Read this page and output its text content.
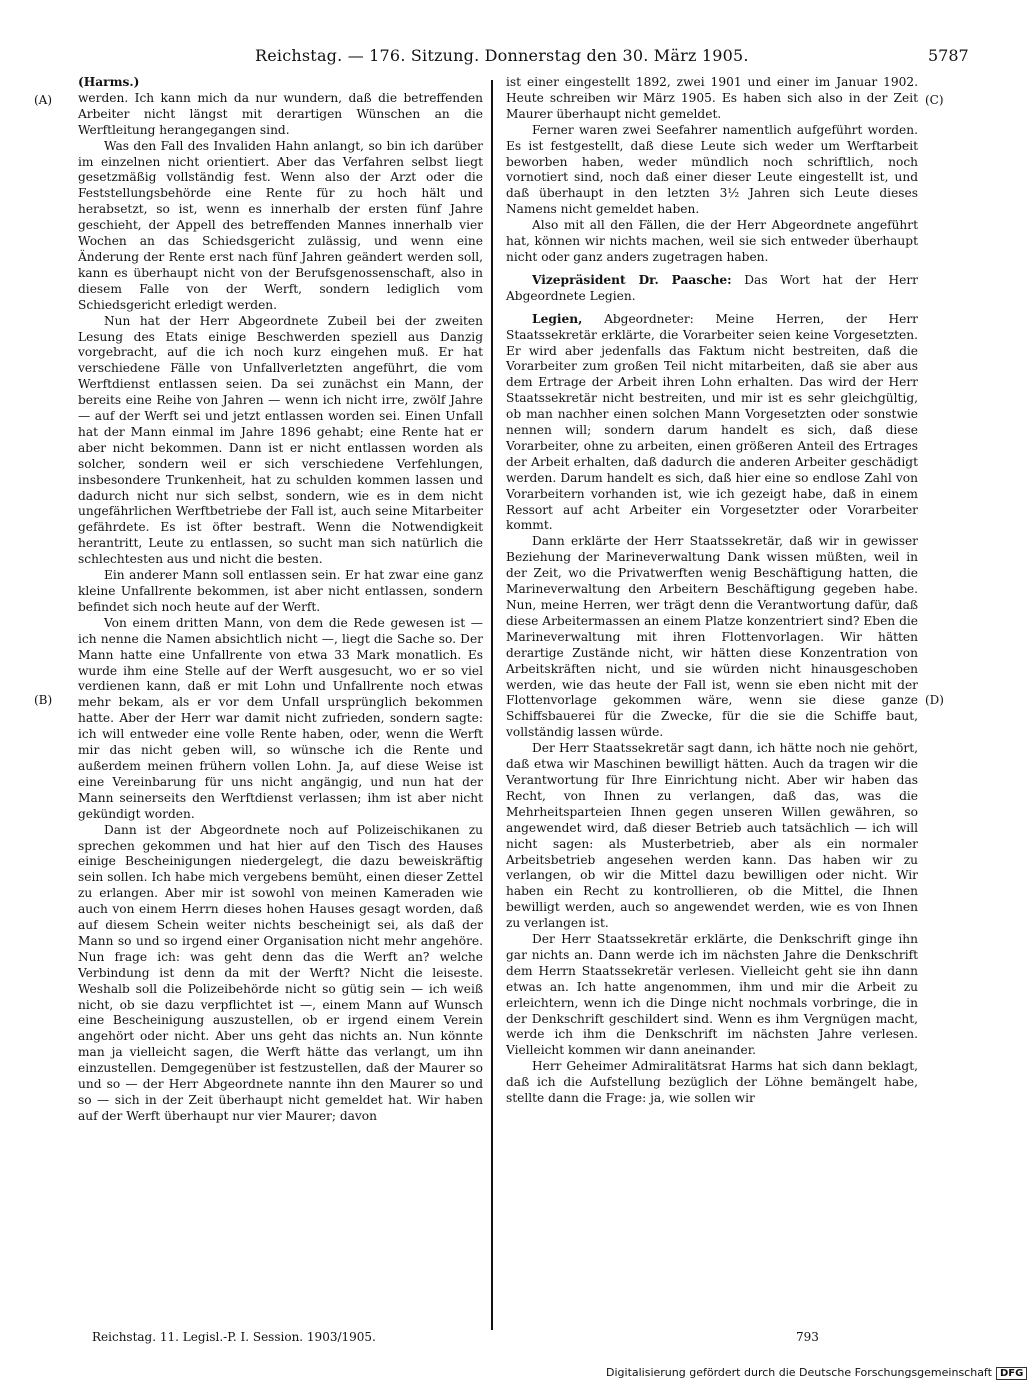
Reichstag. — 176. Sitzung. Donnerstag den 30. März 1905.	5787
(A)
(B)
(C)
(D)

(Harms.)

werden. Ich kann mich da nur wundern, daß die betreffenden Arbeiter nicht längst mit derartigen Wünschen an die Werftleitung herangegangen sind.

Was den Fall des Invaliden Hahn anlangt, so bin ich darüber im einzelnen nicht orientiert. Aber das Verfahren selbst liegt gesetzmäßig vollständig fest. Wenn also der Arzt oder die Feststellungsbehörde eine Rente für zu hoch hält und herabsetzt, so ist, wenn es innerhalb der ersten fünf Jahre geschieht, der Appell des betreffenden Mannes innerhalb vier Wochen an das Schiedsgericht zulässig, und wenn eine Änderung der Rente erst nach fünf Jahren geändert werden soll, kann es überhaupt nicht von der Berufsgenossenschaft, also in diesem Falle von der Werft, sondern lediglich vom Schiedsgericht erledigt werden.

Nun hat der Herr Abgeordnete Zubeil bei der zweiten Lesung des Etats einige Beschwerden speziell aus Danzig vorgebracht, auf die ich noch kurz eingehen muß. Er hat verschiedene Fälle von Unfallverletzten angeführt, die vom Werftdienst entlassen seien. Da sei zunächst ein Mann, der bereits eine Reihe von Jahren — wenn ich nicht irre, zwölf Jahre — auf der Werft sei und jetzt entlassen worden sei. Einen Unfall hat der Mann einmal im Jahre 1896 gehabt; eine Rente hat er aber nicht bekommen. Dann ist er nicht entlassen worden als solcher, sondern weil er sich verschiedene Verfehlungen, insbesondere Trunkenheit, hat zu schulden kommen lassen und dadurch nicht nur sich selbst, sondern, wie es in dem nicht ungefährlichen Werftbetriebe der Fall ist, auch seine Mitarbeiter gefährdete. Es ist öfter bestraft. Wenn die Notwendigkeit herantritt, Leute zu entlassen, so sucht man sich natürlich die schlechtesten aus und nicht die besten.

Ein anderer Mann soll entlassen sein. Er hat zwar eine ganz kleine Unfallrente bekommen, ist aber nicht entlassen, sondern befindet sich noch heute auf der Werft.

Von einem dritten Mann, von dem die Rede gewesen ist — ich nenne die Namen absichtlich nicht —, liegt die Sache so. Der Mann hatte eine Unfallrente von etwa 33 Mark monatlich. Es wurde ihm eine Stelle auf der Werft ausgesucht, wo er so viel verdienen kann, daß er mit Lohn und Unfallrente noch etwas mehr bekam, als er vor dem Unfall ursprünglich bekommen hatte. Aber der Herr war damit nicht zufrieden, sondern sagte: ich will entweder eine volle Rente haben, oder, wenn die Werft mir das nicht geben will, so wünsche ich die Rente und außerdem meinen frühern vollen Lohn. Ja, auf diese Weise ist eine Vereinbarung für uns nicht angängig, und nun hat der Mann seinerseits den Werftdienst verlassen; ihm ist aber nicht gekündigt worden.

Dann ist der Abgeordnete noch auf Polizeischikanen zu sprechen gekommen und hat hier auf den Tisch des Hauses einige Bescheinigungen niedergelegt, die dazu beweiskräftig sein sollen. Ich habe mich vergebens bemüht, einen dieser Zettel zu erlangen. Aber mir ist sowohl von meinen Kameraden wie auch von einem Herrn dieses hohen Hauses gesagt worden, daß auf diesem Schein weiter nichts bescheinigt sei, als daß der Mann so und so irgend einer Organisation nicht mehr angehöre. Nun frage ich: was geht denn das die Werft an? welche Verbindung ist denn da mit der Werft? Nicht die leiseste. Weshalb soll die Polizeibehörde nicht so gütig sein — ich weiß nicht, ob sie dazu verpflichtet ist —, einem Mann auf Wunsch eine Bescheinigung auszustellen, ob er irgend einem Verein angehört oder nicht. Aber uns geht das nichts an. Nun könnte man ja vielleicht sagen, die Werft hätte das verlangt, um ihn einzustellen. Demgegenüber ist festzustellen, daß der Maurer so und so — der Herr Abgeordnete nannte ihn den Maurer so und so — sich in der Zeit überhaupt nicht gemeldet hat. Wir haben auf der Werft überhaupt nur vier Maurer; davon

ist einer eingestellt 1892, zwei 1901 und einer im Januar 1902. Heute schreiben wir März 1905. Es haben sich also in der Zeit Maurer überhaupt nicht gemeldet.

Ferner waren zwei Seefahrer namentlich aufgeführt worden. Es ist festgestellt, daß diese Leute sich weder um Werftarbeit beworben haben, weder mündlich noch schriftlich, noch vornotiert sind, noch daß einer dieser Leute eingestellt ist, und daß überhaupt in den letzten 3½ Jahren sich Leute dieses Namens nicht gemeldet haben.

Also mit all den Fällen, die der Herr Abgeordnete angeführt hat, können wir nichts machen, weil sie sich entweder überhaupt nicht oder ganz anders zugetragen haben.

Vizepräsident Dr. Paasche: Das Wort hat der Herr Abgeordnete Legien.

Legien, Abgeordneter: Meine Herren, der Herr Staatssekretär erklärte, die Vorarbeiter seien keine Vorgesetzten. Er wird aber jedenfalls das Faktum nicht bestreiten, daß die Vorarbeiter zum großen Teil nicht mitarbeiten, daß sie aber aus dem Ertrage der Arbeit ihren Lohn erhalten. Das wird der Herr Staatssekretär nicht bestreiten, und mir ist es sehr gleichgültig, ob man nachher einen solchen Mann Vorgesetzten oder sonstwie nennen will; sondern darum handelt es sich, daß diese Vorarbeiter, ohne zu arbeiten, einen größeren Anteil des Ertrages der Arbeit erhalten, daß dadurch die anderen Arbeiter geschädigt werden. Darum handelt es sich, daß hier eine so endlose Zahl von Vorarbeitern vorhanden ist, wie ich gezeigt habe, daß in einem Ressort auf acht Arbeiter ein Vorgesetzter oder Vorarbeiter kommt.

Dann erklärte der Herr Staatssekretär, daß wir in gewisser Beziehung der Marineverwaltung Dank wissen müßten, weil in der Zeit, wo die Privatwerften wenig Beschäftigung hatten, die Marineverwaltung den Arbeitern Beschäftigung gegeben habe. Nun, meine Herren, wer trägt denn die Verantwortung dafür, daß diese Arbeitermassen an einem Platze konzentriert sind? Eben die Marineverwaltung mit ihren Flottenvorlagen. Wir hätten derartige Zustände nicht, wir hätten diese Konzentration von Arbeitskräften nicht, und sie würden nicht hinausgeschoben werden, wie das heute der Fall ist, wenn sie eben nicht mit der Flottenvorlage gekommen wäre, wenn sie diese ganze Schiffsbauerei für die Zwecke, für die sie die Schiffe baut, vollständig lassen würde.

Der Herr Staatssekretär sagt dann, ich hätte noch nie gehört, daß etwa wir Maschinen bewilligt hätten. Auch da tragen wir die Verantwortung für Ihre Einrichtung nicht. Aber wir haben das Recht, von Ihnen zu verlangen, daß das, was die Mehrheitsparteien Ihnen gegen unseren Willen gewähren, so angewendet wird, daß dieser Betrieb auch tatsächlich — ich will nicht sagen: als Musterbetrieb, aber als ein normaler Arbeitsbetrieb angesehen werden kann. Das haben wir zu verlangen, ob wir die Mittel dazu bewilligen oder nicht. Wir haben ein Recht zu kontrollieren, ob die Mittel, die Ihnen bewilligt werden, auch so angewendet werden, wie es von Ihnen zu verlangen ist.

Der Herr Staatssekretär erklärte, die Denkschrift ginge ihn gar nichts an. Dann werde ich im nächsten Jahre die Denkschrift dem Herrn Staatssekretär verlesen. Vielleicht geht sie ihn dann etwas an. Ich hatte angenommen, ihm und mir die Arbeit zu erleichtern, wenn ich die Dinge nicht nochmals vorbringe, die in der Denkschrift geschildert sind. Wenn es ihm Vergnügen macht, werde ich ihm die Denkschrift im nächsten Jahre verlesen. Vielleicht kommen wir dann aneinander.

Herr Geheimer Admiralitätsrat Harms hat sich dann beklagt, daß ich die Aufstellung bezüglich der Löhne bemängelt habe, stellte dann die Frage: ja, wie sollen wir

Reichstag. 11. Legisl.-P. I. Session. 1903/1905.	793
Digitalisierung gefördert durch die Deutsche Forschungsgemeinschaft DFG
